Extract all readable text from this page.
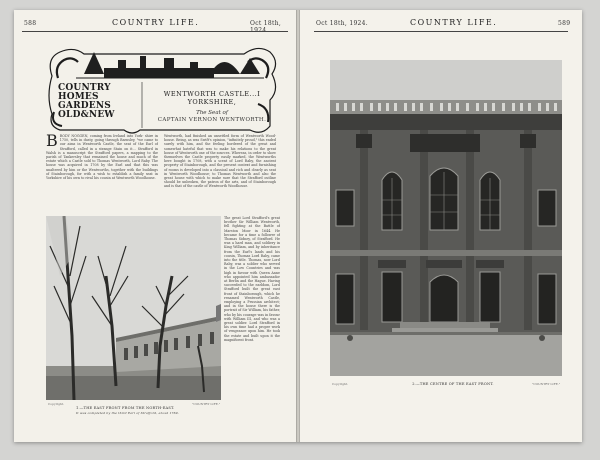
588	COUNTRY LIFE.	Oct 18th,
COUNTRY
HOMES
GARDENS
OLD&NEW
WENTWORTH CASTLE...I
YORKSHIRE,
The Seat of
CAPTAIN VERNON WENTWORTH.
B RODY NOGGEN, coming from Ireland into York- shire in 1750, tells in dusty, going through Barnsley, "we came to our aims in Wentworth Castle, the seat of the Earl of Strafford, called in a strange Stain on it... Strafford in Walsh is a manuscript the Strafford papers, a mapping to the parish of Tankersley that remained the house and much of the estate which a Castle sold to Thomas Wentworth, Lord Raby. The house was acquired in 1708 by the Earl and that this was unaltered by him or the Wentworths, together with the buildings of Stainborough, for with a wish to establish a family seat in Yorkshire of his own to rival his cousin at Wentworth Woodhouse.
Wentworth, had finished an unsettled form of Wentworth Wood- house. Being, as was Swift's opinion, "infinitely proud," this ended surely with him, and the feeling bordered of the great and somewhat hateful that was to make his relations to the great house of Wentworth one of the sources. Whereas, in order to show themselves the Castle property easily marked, the Wentworths here bought in 1708, with a scent of Lord Raby, the ancient property of Stainborough, and the present context and furnishing of rooms is developed into a classical and rich and clearly as seat in Wentworth Woodhouse; to Thomas Wentworth and also the great house with which to make sure that the Strafford outline should be unbroken, the patron of the arts, and of Stainborough and is that of the castle of Wentworth Woodhouse.
The great Lord Strafford's great brother Sir William Wentworth, fell fighting at the Battle of Marston Moor in 1644. He became for a time a follower of Thomas Sidney, of Strafford. He was a hard man, and soldiery in King William, and by inheritance from the Earl's lands and his cousin, Thomas Lord Raby, came into the title. Thomas, now Lord Raby, was a soldier who served in the Low Countries and was high in favour with Queen Anne who appointed him ambassador at Berlin and the Hague. Having succeeded to the earldom, Lord Strafford built the great east front of Stainborough, which he renamed Wentworth Castle, employing a Prussian architect; and in the house there is the portrait of Sir William, his father, who by his courage was in favour with William III, and who was a great soldier. Lord Strafford in his own time had a proper work of vengeance upon him. He took the estate and built upon it the magnificent front.
Copyright.	"COUNTRY LIFE."
1.—THE EAST FRONT FROM THE NORTH-EAST.
It was completed by the third Earl of Strafford, about 1760.
Oct 18th, 1924.	COUNTRY LIFE.	589
Copyright.	2.—THE CENTRE OF THE EAST FRONT.	"COUNTRY LIFE."
